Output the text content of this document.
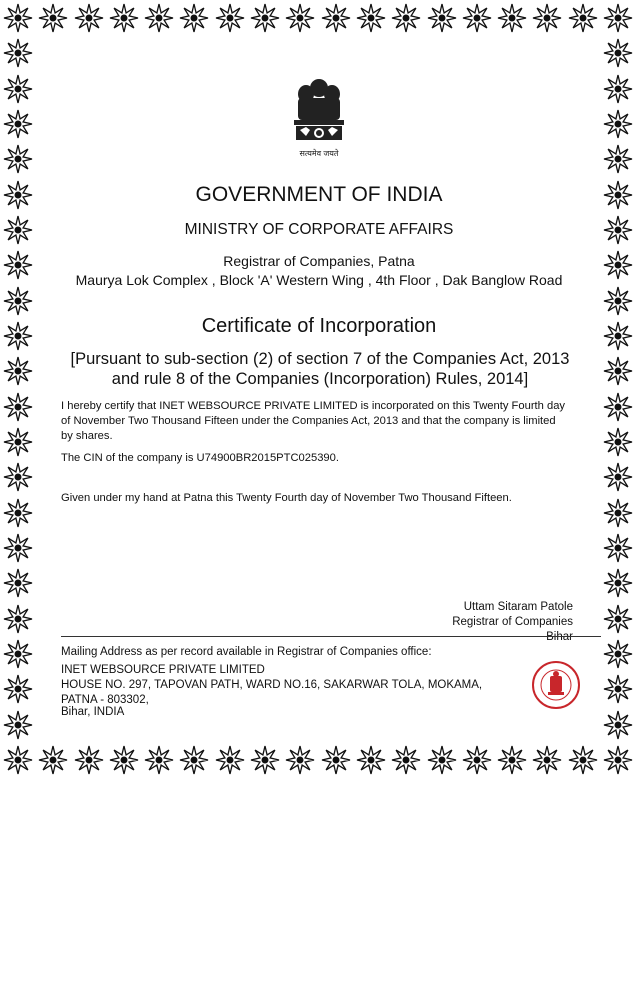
सत्यमेव जयते
GOVERNMENT OF INDIA
MINISTRY OF CORPORATE AFFAIRS
Registrar of Companies, Patna
Maurya Lok Complex , Block 'A' Western Wing , 4th Floor , Dak Banglow Road
Certificate of Incorporation
[Pursuant to sub-section (2) of section 7 of the Companies Act, 2013 and rule 8 of the Companies (Incorporation) Rules, 2014]
I hereby certify that INET WEBSOURCE PRIVATE LIMITED is incorporated on this Twenty Fourth day of November Two Thousand Fifteen under the Companies Act, 2013 and that the company is limited by shares.
The CIN of the company is U74900BR2015PTC025390.
Given under my hand at Patna this Twenty Fourth day of November Two Thousand Fifteen.
Uttam Sitaram Patole
Registrar of Companies
Bihar
Mailing Address as per record available in Registrar of Companies office:
INET WEBSOURCE PRIVATE LIMITED
HOUSE NO. 297, TAPOVAN PATH, WARD NO.16, SAKARWAR TOLA, MOKAMA,
PATNA - 803302,
Bihar, INDIA
